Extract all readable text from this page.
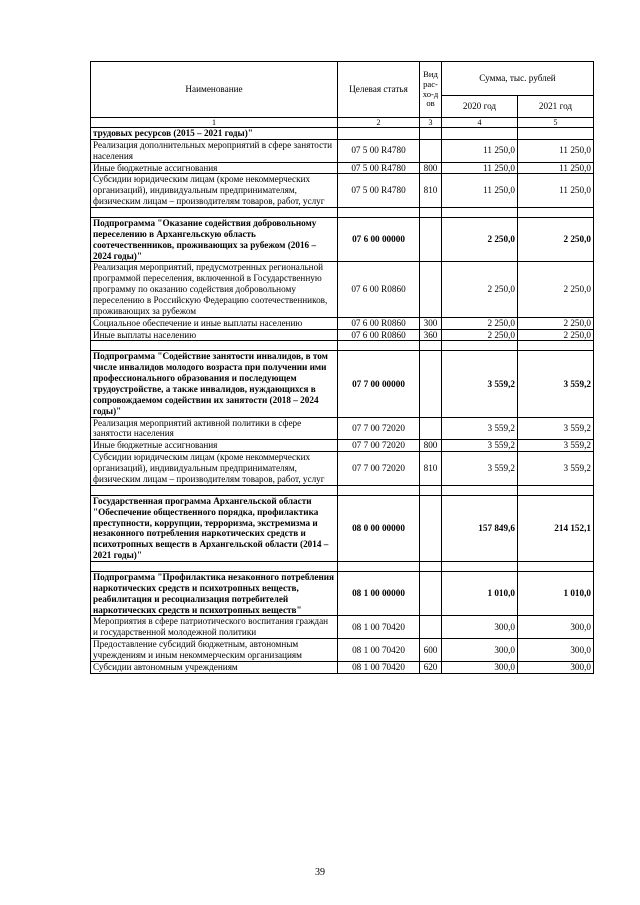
Наименование	Целевая статья	Вид рас-хо-дов	Сумма, тыс. рублей	
			2020 год	2021 год
1	2	3	4	5
трудовых ресурсов (2015 – 2021 годы)"				
Реализация дополнительных мероприятий в сфере занятости населения	07 5 00 R4780		11 250,0	11 250,0
Иные бюджетные ассигнования	07 5 00 R4780	800	11 250,0	11 250,0
Субсидии юридическим лицам (кроме некоммерческих организаций), индивидуальным предпринимателям, физическим лицам – производителям товаров, работ, услуг	07 5 00 R4780	810	11 250,0	11 250,0

Подпрограмма "Оказание содействия добровольному переселению в Архангельскую область соотечественников, проживающих за рубежом (2016 – 2024 годы)"	07 6 00 00000		2 250,0	2 250,0
Реализация мероприятий, предусмотренных региональной программой переселения, включенной в Государственную программу по оказанию содействия добровольному переселению в Российскую Федерацию соотечественников, проживающих за рубежом	07 6 00 R0860		2 250,0	2 250,0
Социальное обеспечение и иные выплаты населению	07 6 00 R0860	300	2 250,0	2 250,0
Иные выплаты населению	07 6 00 R0860	360	2 250,0	2 250,0

Подпрограмма "Содействие занятости инвалидов, в том числе инвалидов молодого возраста при получении ими профессионального образования и последующем трудоустройстве, а также инвалидов, нуждающихся в сопровождаемом содействии их занятости (2018 – 2024 годы)"	07 7 00 00000		3 559,2	3 559,2
Реализация мероприятий активной политики в сфере занятости населения	07 7 00 72020		3 559,2	3 559,2
Иные бюджетные ассигнования	07 7 00 72020	800	3 559,2	3 559,2
Субсидии юридическим лицам (кроме некоммерческих организаций), индивидуальным предпринимателям, физическим лицам – производителям товаров, работ, услуг	07 7 00 72020	810	3 559,2	3 559,2

Государственная программа Архангельской области "Обеспечение общественного порядка, профилактика преступности, коррупции, терроризма, экстремизма и незаконного потребления наркотических средств и психотропных веществ в Архангельской области (2014 – 2021 годы)"	08 0 00 00000		157 849,6	214 152,1

Подпрограмма "Профилактика незаконного потребления наркотических средств и психотропных веществ, реабилитация и ресоциализация потребителей наркотических средств и психотропных веществ"	08 1 00 00000		1 010,0	1 010,0
Мероприятия в сфере патриотического воспитания граждан и государственной молодежной политики	08 1 00 70420		300,0	300,0
Предоставление субсидий бюджетным, автономным учреждениям и иным некоммерческим организациям	08 1 00 70420	600	300,0	300,0
Субсидии автономным учреждениям	08 1 00 70420	620	300,0	300,0
39
